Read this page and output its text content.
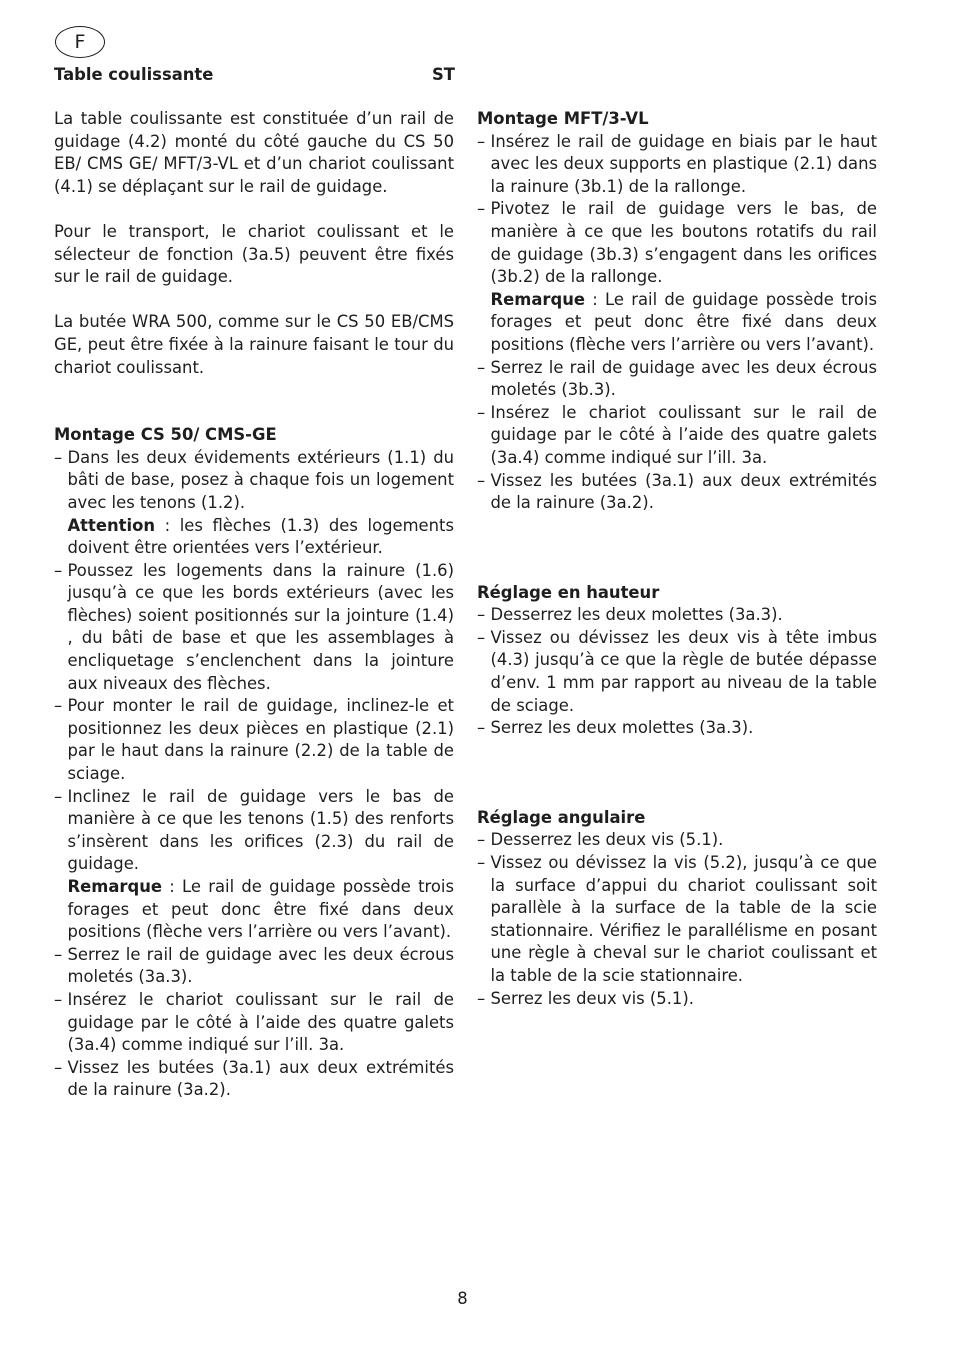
F
Table coulissante	ST

La table coulissante est constituée d’un rail de guidage (4.2) monté du côté gauche du CS 50 EB/ CMS GE/ MFT/3-VL et d’un chariot coulissant (4.1) se déplaçant sur le rail de guidage.

Pour le transport, le chariot coulissant et le sélecteur de fonction (3a.5) peuvent être fixés sur le rail de guidage.

La butée WRA 500, comme sur le CS 50 EB/CMS GE, peut être fixée à la rainure faisant le tour du chariot coulissant.

Montage CS 50/ CMS-GE
– Dans les deux évidements extérieurs (1.1) du bâti de base, posez à chaque fois un logement avec les tenons (1.2).
Attention : les flèches (1.3) des logements doivent être orientées vers l’extérieur.
– Poussez les logements dans la rainure (1.6) jusqu’à ce que les bords extérieurs (avec les flèches) soient positionnés sur la jointure (1.4) , du bâti de base et que les assemblages à encliquetage s’enclenchent dans la jointure aux niveaux des flèches.
– Pour monter le rail de guidage, inclinez-le et positionnez les deux pièces en plastique (2.1) par le haut dans la rainure (2.2) de la table de sciage.
– Inclinez le rail de guidage vers le bas de manière à ce que les tenons (1.5) des renforts s’insèrent dans les orifices (2.3) du rail de guidage.
Remarque : Le rail de guidage possède trois forages et peut donc être fixé dans deux positions (flèche vers l’arrière ou vers l’avant).
– Serrez le rail de guidage avec les deux écrous moletés (3a.3).
– Insérez le chariot coulissant sur le rail de guidage par le côté à l’aide des quatre galets (3a.4) comme indiqué sur l’ill. 3a.
– Vissez les butées (3a.1) aux deux extrémités de la rainure (3a.2).
Montage MFT/3-VL
– Insérez le rail de guidage en biais par le haut avec les deux supports en plastique (2.1) dans la rainure (3b.1) de la rallonge.
– Pivotez le rail de guidage vers le bas, de manière à ce que les boutons rotatifs du rail de guidage (3b.3) s’engagent dans les orifices (3b.2) de la rallonge.
Remarque : Le rail de guidage possède trois forages et peut donc être fixé dans deux positions (flèche vers l’arrière ou vers l’avant).
– Serrez le rail de guidage avec les deux écrous moletés (3b.3).
– Insérez le chariot coulissant sur le rail de guidage par le côté à l’aide des quatre galets (3a.4) comme indiqué sur l’ill. 3a.
– Vissez les butées (3a.1) aux deux extrémités de la rainure (3a.2).
Réglage en hauteur
– Desserrez les deux molettes (3a.3).
– Vissez ou dévissez les deux vis à tête imbus (4.3) jusqu’à ce que la règle de butée dépasse d’env. 1 mm par rapport au niveau de la table de sciage.
– Serrez les deux molettes (3a.3).
Réglage angulaire
– Desserrez les deux vis (5.1).
– Vissez ou dévissez la vis (5.2), jusqu’à ce que la surface d’appui du chariot coulissant soit parallèle à la surface de la table de la scie stationnaire. Vérifiez le parallélisme en posant une règle à cheval sur le chariot coulissant et la table de la scie stationnaire.
– Serrez les deux vis (5.1).
8
